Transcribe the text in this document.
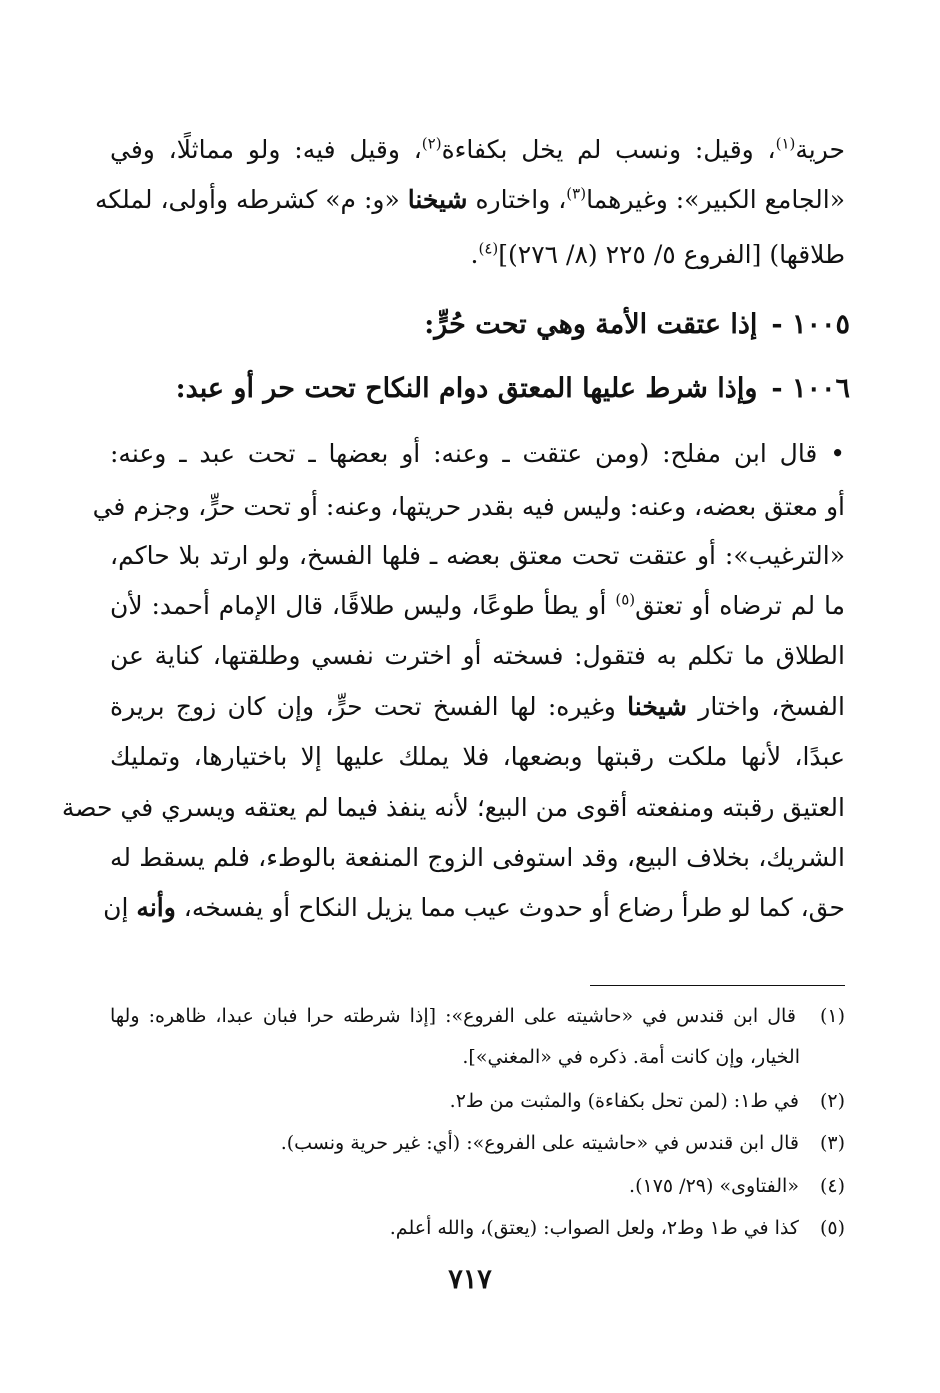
حرية$^{(١)}$، وقيل: ونسب لم يخل بكفاءة$^{(٢)}$، وقيل فيه: ولو مماثلًا، وفي
«الجامع الكبير»: وغيرهما$^{(٣)}$، واختاره شيخنا «و: م» كشرطه وأولى، لملكه
طلاقها) [الفروع ٥/ ٢٢٥ (٨/ ٢٧٦)]$^{(٤)}$.
١٠٠٥ -إذا عتقت الأمة وهي تحت حُرٍّ:
١٠٠٦ -وإذا شرط عليها المعتق دوام النكاح تحت حر أو عبد:
• قال ابن مفلح: (ومن عتقت ـ وعنه: أو بعضها ـ تحت عبد ـ وعنه:
أو معتق بعضه، وعنه: وليس فيه بقدر حريتها، وعنه: أو تحت حرٍّ، وجزم في
«الترغيب»: أو عتقت تحت معتق بعضه ـ فلها الفسخ، ولو ارتد بلا حاكم،
ما لم ترضاه أو تعتق$^{(٥)}$ أو يطأ طوعًا، وليس طلاقًا، قال الإمام أحمد: لأن
الطلاق ما تكلم به فتقول: فسخته أو اخترت نفسي وطلقتها، كناية عن
الفسخ، واختار شيخنا وغيره: لها الفسخ تحت حرٍّ، وإن كان زوج بريرة
عبدًا، لأنها ملكت رقبتها وبضعها، فلا يملك عليها إلا باختيارها، وتمليك
العتيق رقبته ومنفعته أقوى من البيع؛ لأنه ينفذ فيما لم يعتقه ويسري في حصة
الشريك، بخلاف البيع، وقد استوفى الزوج المنفعة بالوطء، فلم يسقط له
حق، كما لو طرأ رضاع أو حدوث عيب مما يزيل النكاح أو يفسخه، وأنه إن
(١) قال ابن قندس في «حاشيته على الفروع»: [إذا شرطته حرا فبان عبدا، ظاهره: ولها
الخيار، وإن كانت أمة. ذكره في «المغني»].
(٢) في ط١: (لمن تحل بكفاءة) والمثبت من ط٢.
(٣) قال ابن قندس في «حاشيته على الفروع»: (أي: غير حرية ونسب).
(٤) «الفتاوى» (٢٩/ ١٧٥).
(٥) كذا في ط١ وط٢، ولعل الصواب: (يعتق)، والله أعلم.
٧١٧
